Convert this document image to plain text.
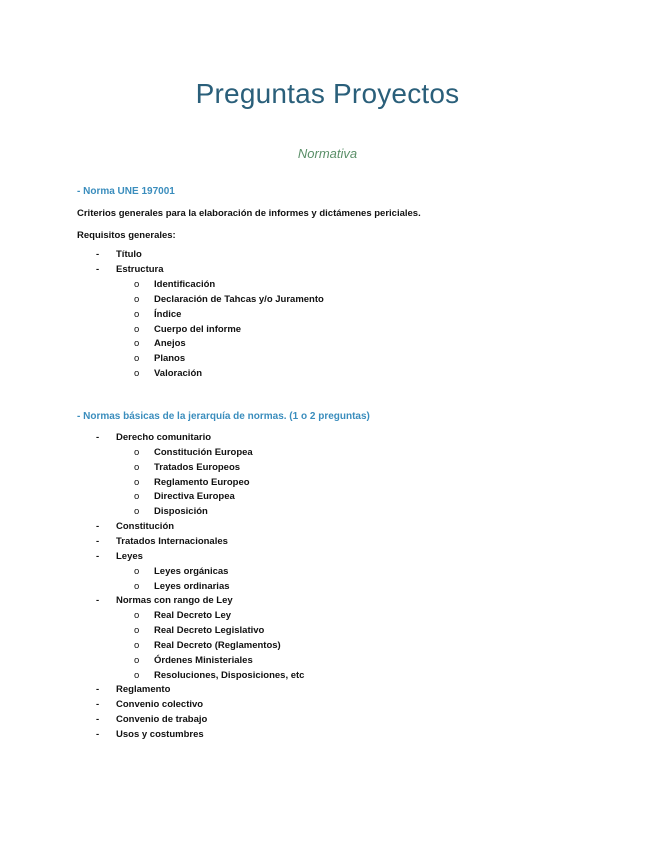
Preguntas Proyectos
Normativa
- Norma UNE 197001
Criterios generales para la elaboración de informes y dictámenes periciales.
Requisitos generales:
- Título
- Estructura
o Identificación
o Declaración de Tahcas y/o Juramento
o Índice
o Cuerpo del informe
o Anejos
o Planos
o Valoración
- Normas básicas de la jerarquía de normas. (1 o 2 preguntas)
- Derecho comunitario
o Constitución Europea
o Tratados Europeos
o Reglamento Europeo
o Directiva Europea
o Disposición
- Constitución
- Tratados Internacionales
- Leyes
o Leyes orgánicas
o Leyes ordinarias
- Normas con rango de Ley
o Real Decreto Ley
o Real Decreto Legislativo
o Real Decreto (Reglamentos)
o Órdenes Ministeriales
o Resoluciones, Disposiciones, etc
- Reglamento
- Convenio colectivo
- Convenio de trabajo
- Usos y costumbres
